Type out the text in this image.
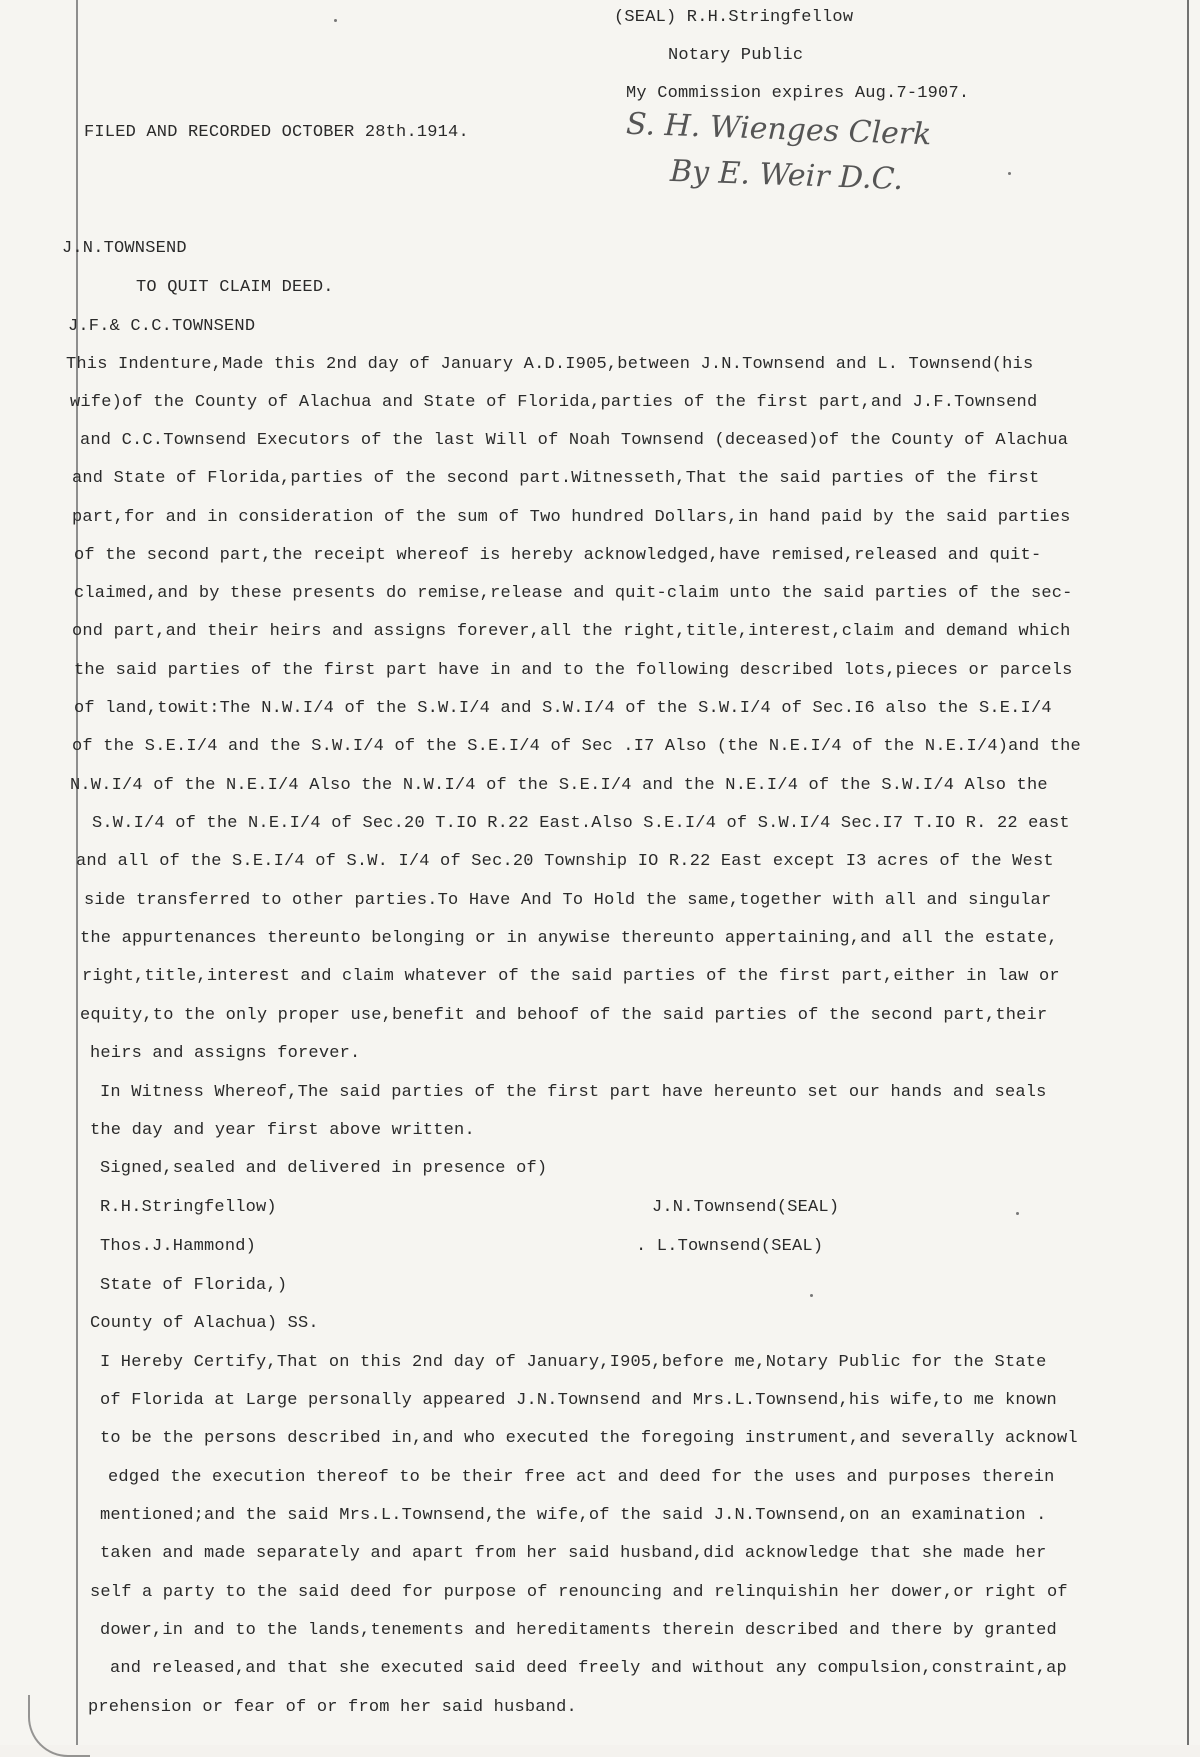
(SEAL) R.H.Stringfellow
Notary Public
My Commission expires Aug.7-1907.
FILED AND RECORDED OCTOBER 28th.1914.	S. H. Wienges Clerk
By E. Weir D.C.
J.N.TOWNSEND
TO QUIT CLAIM DEED.
J.F.& C.C.TOWNSEND
This Indenture,Made this 2nd day of January A.D.I905,between J.N.Townsend and L. Townsend(his
wife)of the County of Alachua and State of Florida,parties of the first part,and J.F.Townsend
and C.C.Townsend Executors of the last Will of Noah Townsend (deceased)of the County of Alachua
and State of Florida,parties of the second part.Witnesseth,That the said parties of the first
part,for and in consideration of the sum of Two hundred Dollars,in hand paid by the said parties
of the second part,the receipt whereof is hereby acknowledged,have remised,released and quit-
claimed,and by these presents do remise,release and quit-claim unto the said parties of the sec-
ond part,and their heirs and assigns forever,all the right,title,interest,claim and demand which
the said parties of the first part have in and to the following described lots,pieces or parcels
of land,towit:The N.W.I/4 of the S.W.I/4 and S.W.I/4 of the S.W.I/4 of Sec.I6 also the S.E.I/4
of the S.E.I/4 and the S.W.I/4 of the S.E.I/4 of Sec .I7 Also (the N.E.I/4 of the N.E.I/4)and the
N.W.I/4 of the N.E.I/4 Also the N.W.I/4 of the S.E.I/4 and the N.E.I/4 of the S.W.I/4 Also the
S.W.I/4 of the N.E.I/4 of Sec.20 T.IO R.22 East.Also S.E.I/4 of S.W.I/4 Sec.I7 T.IO R. 22 east
and all of the S.E.I/4 of S.W. I/4 of Sec.20 Township IO R.22 East except I3 acres of the West
side transferred to other parties.To Have And To Hold the same,together with all and singular
the appurtenances thereunto belonging or in anywise thereunto appertaining,and all the estate,
right,title,interest and claim whatever of the said parties of the first part,either in law or
equity,to the only proper use,benefit and behoof of the said parties of the second part,their
heirs and assigns forever.
In Witness Whereof,The said parties of the first part have hereunto set our hands and seals
the day and year first above written.
Signed,sealed and delivered in presence of)
R.H.Stringfellow)
Thos.J.Hammond)
J.N.Townsend(SEAL)
. L.Townsend(SEAL)
State of Florida,)
County of Alachua) SS.
I Hereby Certify,That on this 2nd day of January,I905,before me,Notary Public for the State
of Florida at Large personally appeared J.N.Townsend and Mrs.L.Townsend,his wife,to me known
to be the persons described in,and who executed the foregoing instrument,and severally acknowl
edged the execution thereof to be their free act and deed for the uses and purposes therein
mentioned;and the said Mrs.L.Townsend,the wife,of the said J.N.Townsend,on an examination .
taken and made separately and apart from her said husband,did acknowledge that she made her
self a party to the said deed for purpose of renouncing and relinquishin her dower,or right of
dower,in and to the lands,tenements and hereditaments therein described and there by granted
and released,and that she executed said deed freely and without any compulsion,constraint,ap
prehension or fear of or from her said husband.
